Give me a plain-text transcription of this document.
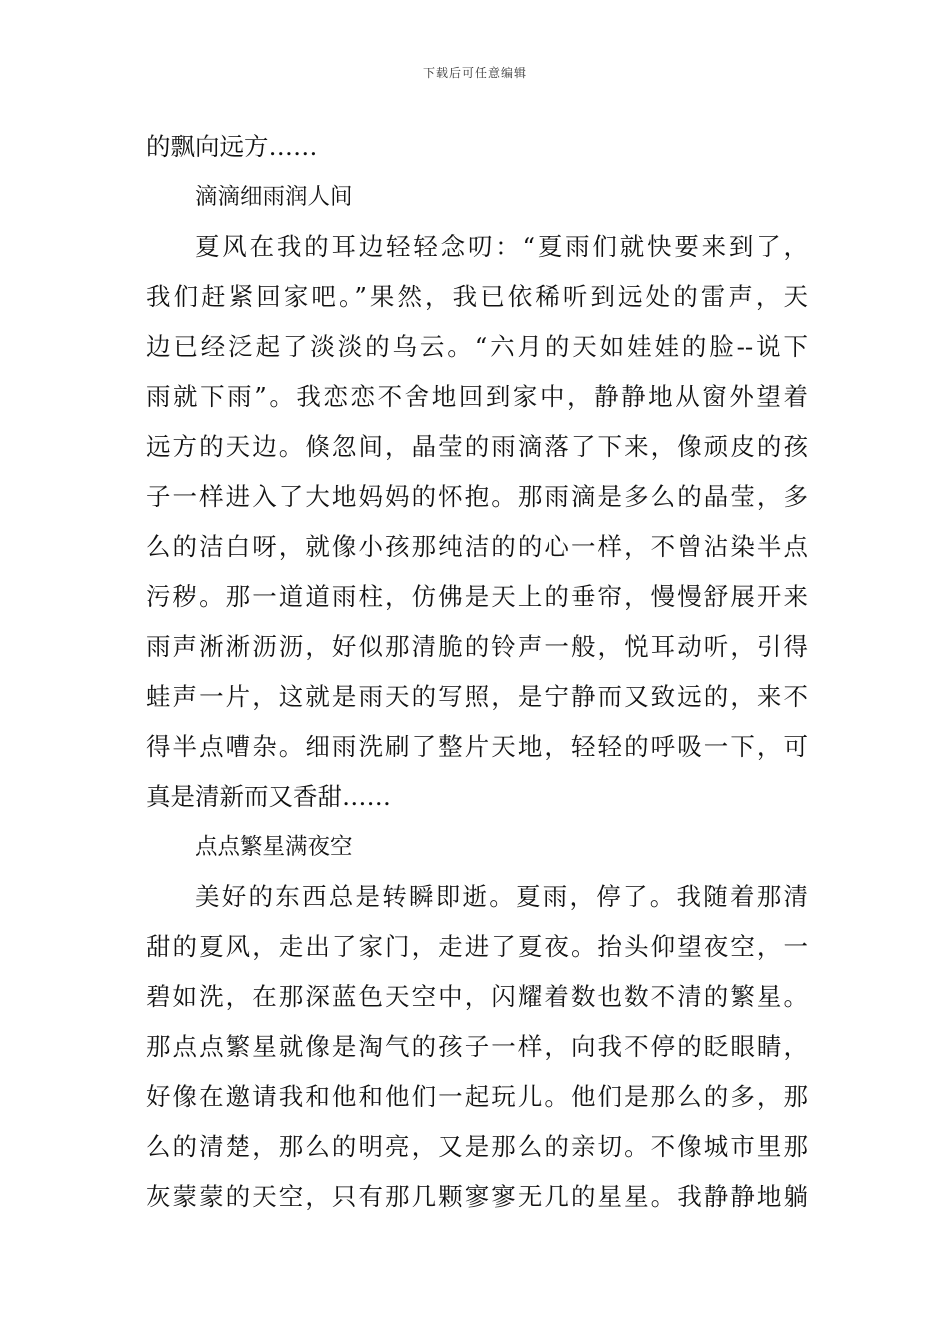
下载后可任意编辑
的飘向远方……
滴滴细雨润人间
夏风在我的耳边轻轻念叨：“夏雨们就快要来到了，
我们赶紧回家吧。”果然，我已依稀听到远处的雷声，天
边已经泛起了淡淡的乌云。“六月的天如娃娃的脸--说下
雨就下雨”。我恋恋不舍地回到家中，静静地从窗外望着
远方的天边。倏忽间，晶莹的雨滴落了下来，像顽皮的孩
子一样进入了大地妈妈的怀抱。那雨滴是多么的晶莹，多
么的洁白呀，就像小孩那纯洁的的心一样，不曾沾染半点
污秽。那一道道雨柱，仿佛是天上的垂帘，慢慢舒展开来
雨声淅淅沥沥，好似那清脆的铃声一般，悦耳动听，引得
蛙声一片，这就是雨天的写照，是宁静而又致远的，来不
得半点嘈杂。细雨洗刷了整片天地，轻轻的呼吸一下，可
真是清新而又香甜……
点点繁星满夜空
美好的东西总是转瞬即逝。夏雨，停了。我随着那清
甜的夏风，走出了家门，走进了夏夜。抬头仰望夜空，一
碧如洗，在那深蓝色天空中，闪耀着数也数不清的繁星。
那点点繁星就像是淘气的孩子一样，向我不停的眨眼睛，
好像在邀请我和他和他们一起玩儿。他们是那么的多，那
么的清楚，那么的明亮，又是那么的亲切。不像城市里那
灰蒙蒙的天空，只有那几颗寥寥无几的星星。我静静地躺
